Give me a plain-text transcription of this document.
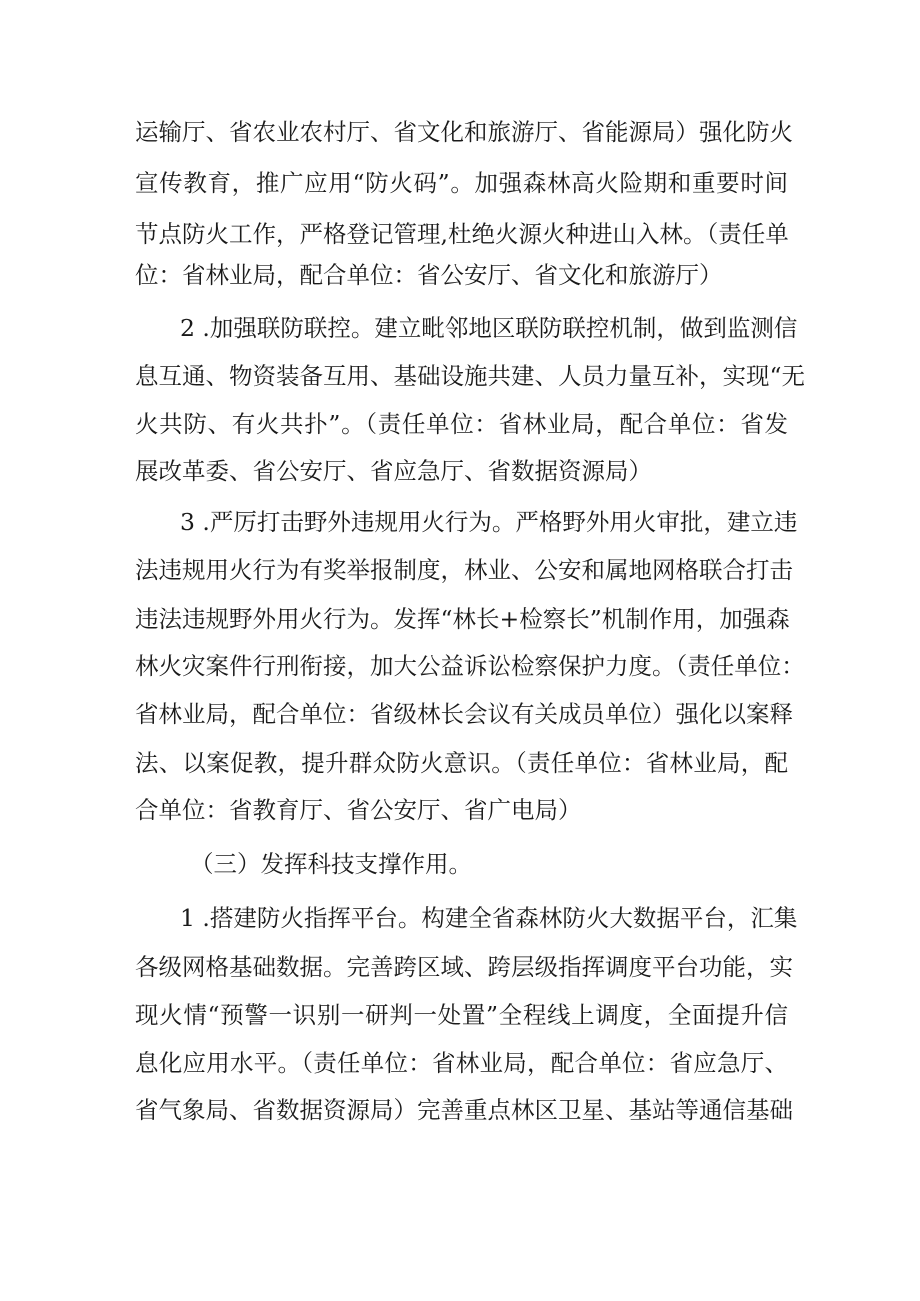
运输厅、省农业农村厅、省文化和旅游厅、省能源局）强化防火
宣传教育，推广应用“防火码”。加强森林高火险期和重要时间
节点防火工作，严格登记管理,杜绝火源火种进山入林。（责任单
位：省林业局，配合单位：省公安厅、省文化和旅游厅）
2 .加强联防联控。建立毗邻地区联防联控机制，做到监测信
息互通、物资装备互用、基础设施共建、人员力量互补，实现“无
火共防、有火共扑”。（责任单位：省林业局，配合单位：省发
展改革委、省公安厅、省应急厅、省数据资源局）
3 .严厉打击野外违规用火行为。严格野外用火审批，建立违
法违规用火行为有奖举报制度，林业、公安和属地网格联合打击
违法违规野外用火行为。发挥“林长+检察长”机制作用，加强森
林火灾案件行刑衔接，加大公益诉讼检察保护力度。（责任单位：
省林业局，配合单位：省级林长会议有关成员单位）强化以案释
法、以案促教，提升群众防火意识。（责任单位：省林业局，配
合单位：省教育厅、省公安厅、省广电局）
（三）发挥科技支撑作用。
1 .搭建防火指挥平台。构建全省森林防火大数据平台，汇集
各级网格基础数据。完善跨区域、跨层级指挥调度平台功能，实
现火情“预警一识别一研判一处置”全程线上调度，全面提升信
息化应用水平。（责任单位：省林业局，配合单位：省应急厅、
省气象局、省数据资源局）完善重点林区卫星、基站等通信基础
